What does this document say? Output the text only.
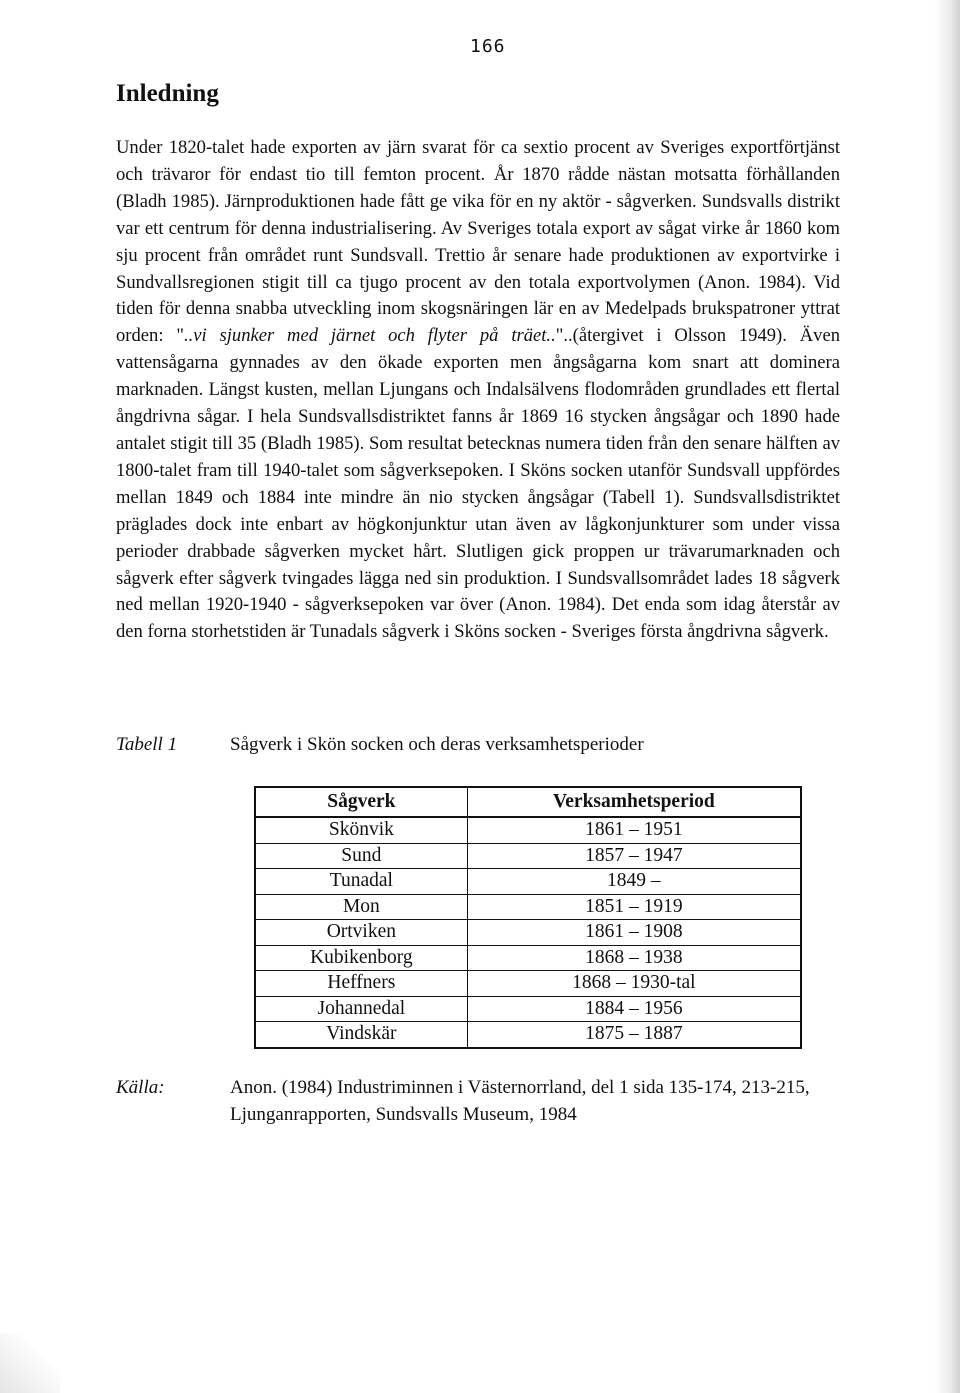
166
Inledning

Under 1820-talet hade exporten av järn svarat för ca sextio procent av Sveriges exportförtjänst och trävaror för endast tio till femton procent. År 1870 rådde nästan motsatta förhållanden (Bladh 1985). Järnproduktionen hade fått ge vika för en ny aktör - sågverken. Sundsvalls distrikt var ett centrum för denna industrialisering. Av Sveriges totala export av sågat virke år 1860 kom sju procent från området runt Sundsvall. Trettio år senare hade produktionen av exportvirke i Sundvallsregionen stigit till ca tjugo procent av den totala exportvolymen (Anon. 1984). Vid tiden för denna snabba utveckling inom skogsnäringen lär en av Medelpads brukspatroner yttrat orden: "..vi sjunker med järnet och flyter på träet.."..(återgivet i Olsson 1949). Även vattensågarna gynnades av den ökade exporten men ångsågarna kom snart att dominera marknaden. Längst kusten, mellan Ljungans och Indalsälvens flodområden grundlades ett flertal ångdrivna sågar. I hela Sundsvallsdistriktet fanns år 1869 16 stycken ångsågar och 1890 hade antalet stigit till 35 (Bladh 1985). Som resultat betecknas numera tiden från den senare hälften av 1800-talet fram till 1940-talet som sågverksepoken. I Sköns socken utanför Sundsvall uppfördes mellan 1849 och 1884 inte mindre än nio stycken ångsågar (Tabell 1). Sundsvallsdistriktet präglades dock inte enbart av högkonjunktur utan även av lågkonjunkturer som under vissa perioder drabbade sågverken mycket hårt. Slutligen gick proppen ur trävarumarknaden och sågverk efter sågverk tvingades lägga ned sin produktion. I Sundsvallsområdet lades 18 sågverk ned mellan 1920-1940 - sågverksepoken var över (Anon. 1984). Det enda som idag återstår av den forna storhetstiden är Tunadals sågverk i Sköns socken - Sveriges första ångdrivna sågverk.

Tabell 1	Sågverk i Skön socken och deras verksamhetsperioder
Sågverk	Verksamhetsperiod
Skönvik	1861 – 1951
Sund	1857 – 1947
Tunadal	1849 –
Mon	1851 – 1919
Ortviken	1861 – 1908
Kubikenborg	1868 – 1938
Heffners	1868 – 1930-tal
Johannedal	1884 – 1956
Vindskär	1875 – 1887
Källa:	Anon. (1984) Industriminnen i Västernorrland, del 1 sida 135-174, 213-215, Ljunganrapporten, Sundsvalls Museum, 1984
